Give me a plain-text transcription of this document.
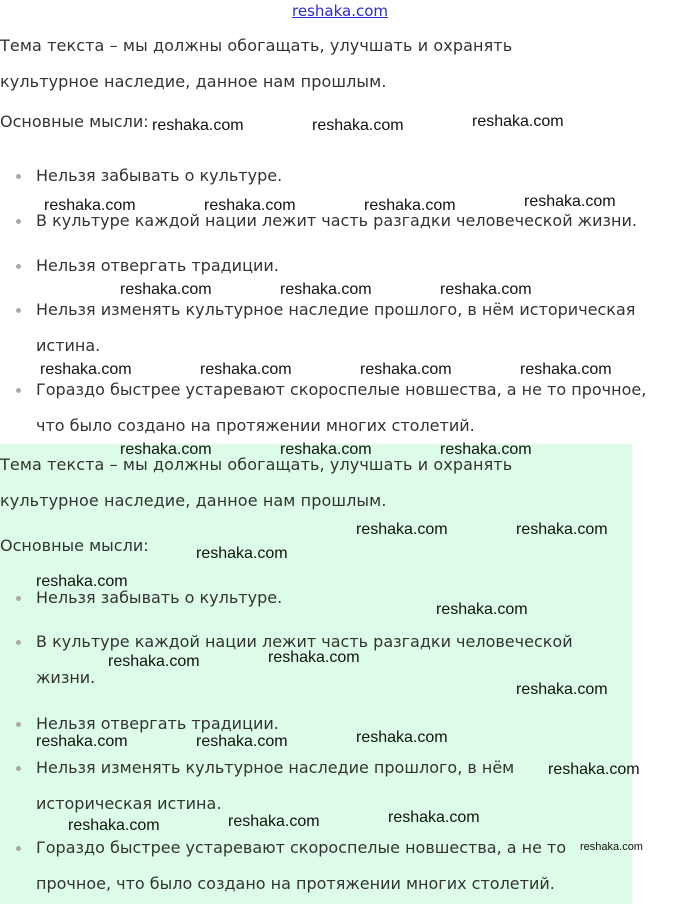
reshaka.com

Тема текста – мы должны обогащать, улучшать и охранять культурное наследие, данное нам прошлым.

Основные мысли:

Нельзя забывать о культуре.
В культуре каждой нации лежит часть разгадки человеческой жизни.
Нельзя отвергать традиции.
Нельзя изменять культурное наследие прошлого, в нём историческая истина.
Гораздо быстрее устаревают скороспелые новшества, а не то прочное, что было создано на протяжении многих столетий.

Тема текста – мы должны обогащать, улучшать и охранять культурное наследие, данное нам прошлым.

Основные мысли:

Нельзя забывать о культуре.
В культуре каждой нации лежит часть разгадки человеческой жизни.
Нельзя отвергать традиции.
Нельзя изменять культурное наследие прошлого, в нём историческая истина.
Гораздо быстрее устаревают скороспелые новшества, а не то прочное, что было создано на протяжении многих столетий.
reshaka.com	reshaka.com	reshaka.com
reshaka.com	reshaka.com	reshaka.com	reshaka.com
reshaka.com	reshaka.com	reshaka.com
reshaka.com	reshaka.com	reshaka.com	reshaka.com
reshaka.com	reshaka.com	reshaka.com
reshaka.com	reshaka.com
reshaka.com
reshaka.com
reshaka.com
reshaka.com
reshaka.com
reshaka.com
reshaka.com
reshaka.com	reshaka.com
reshaka.com
reshaka.com
reshaka.com
reshaka.com
reshaka.com
